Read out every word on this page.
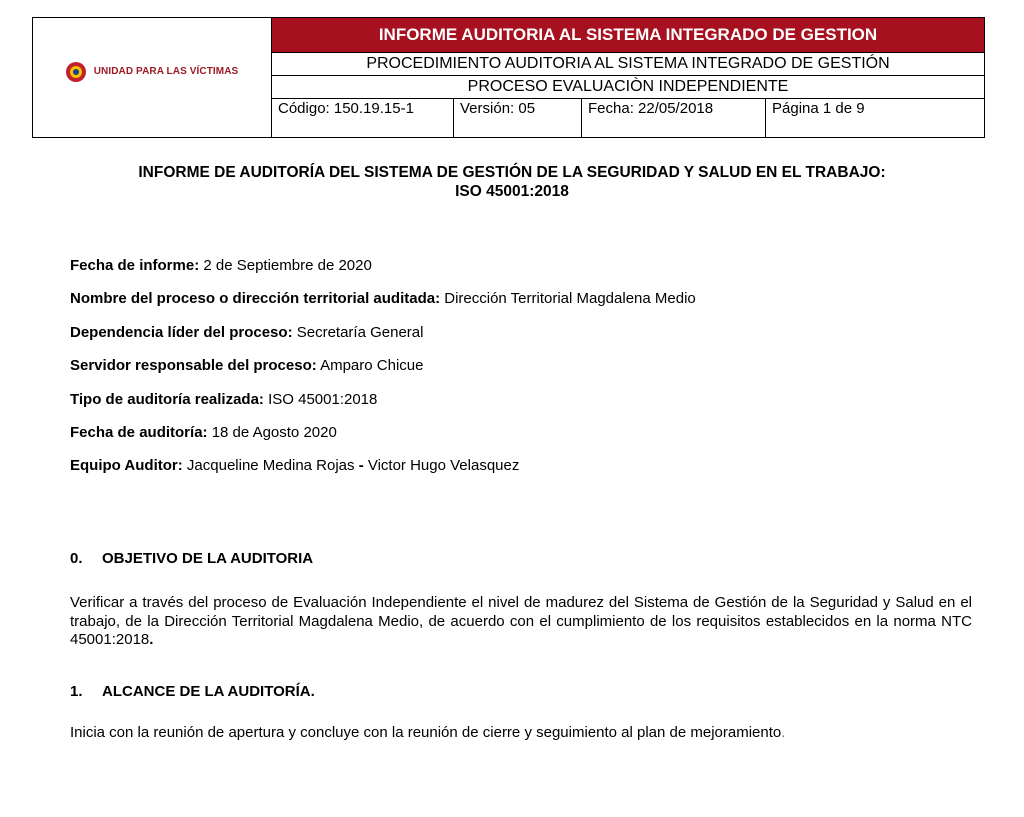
UNIDAD PARA LAS VÍCTIMAS	INFORME AUDITORIA AL SISTEMA INTEGRADO DE GESTION			
	PROCEDIMIENTO AUDITORIA AL SISTEMA INTEGRADO DE GESTIÓN			
	PROCESO EVALUACIÒN INDEPENDIENTE			
	Código: 150.19.15-1	Versión: 05	Fecha: 22/05/2018	Página 1 de 9
INFORME DE AUDITORÍA DEL SISTEMA DE GESTIÓN DE LA SEGURIDAD Y SALUD EN EL TRABAJO:
ISO 45001:2018

Fecha de informe: 2 de Septiembre de 2020

Nombre del proceso o dirección territorial auditada: Dirección Territorial Magdalena Medio

Dependencia líder del proceso: Secretaría General

Servidor responsable del proceso: Amparo Chicue

Tipo de auditoría realizada: ISO 45001:2018

Fecha de auditoría: 18 de Agosto 2020

Equipo Auditor: Jacqueline Medina Rojas - Victor Hugo Velasquez

0. OBJETIVO DE LA AUDITORIA
Verificar a través del proceso de Evaluación Independiente el nivel de madurez del Sistema de Gestión de la Seguridad y Salud en el trabajo, de la Dirección Territorial Magdalena Medio, de acuerdo con el cumplimiento de los requisitos establecidos en la norma NTC 45001:2018.
1. ALCANCE DE LA AUDITORÍA.
Inicia con la reunión de apertura y concluye con la reunión de cierre y seguimiento al plan de mejoramiento.
